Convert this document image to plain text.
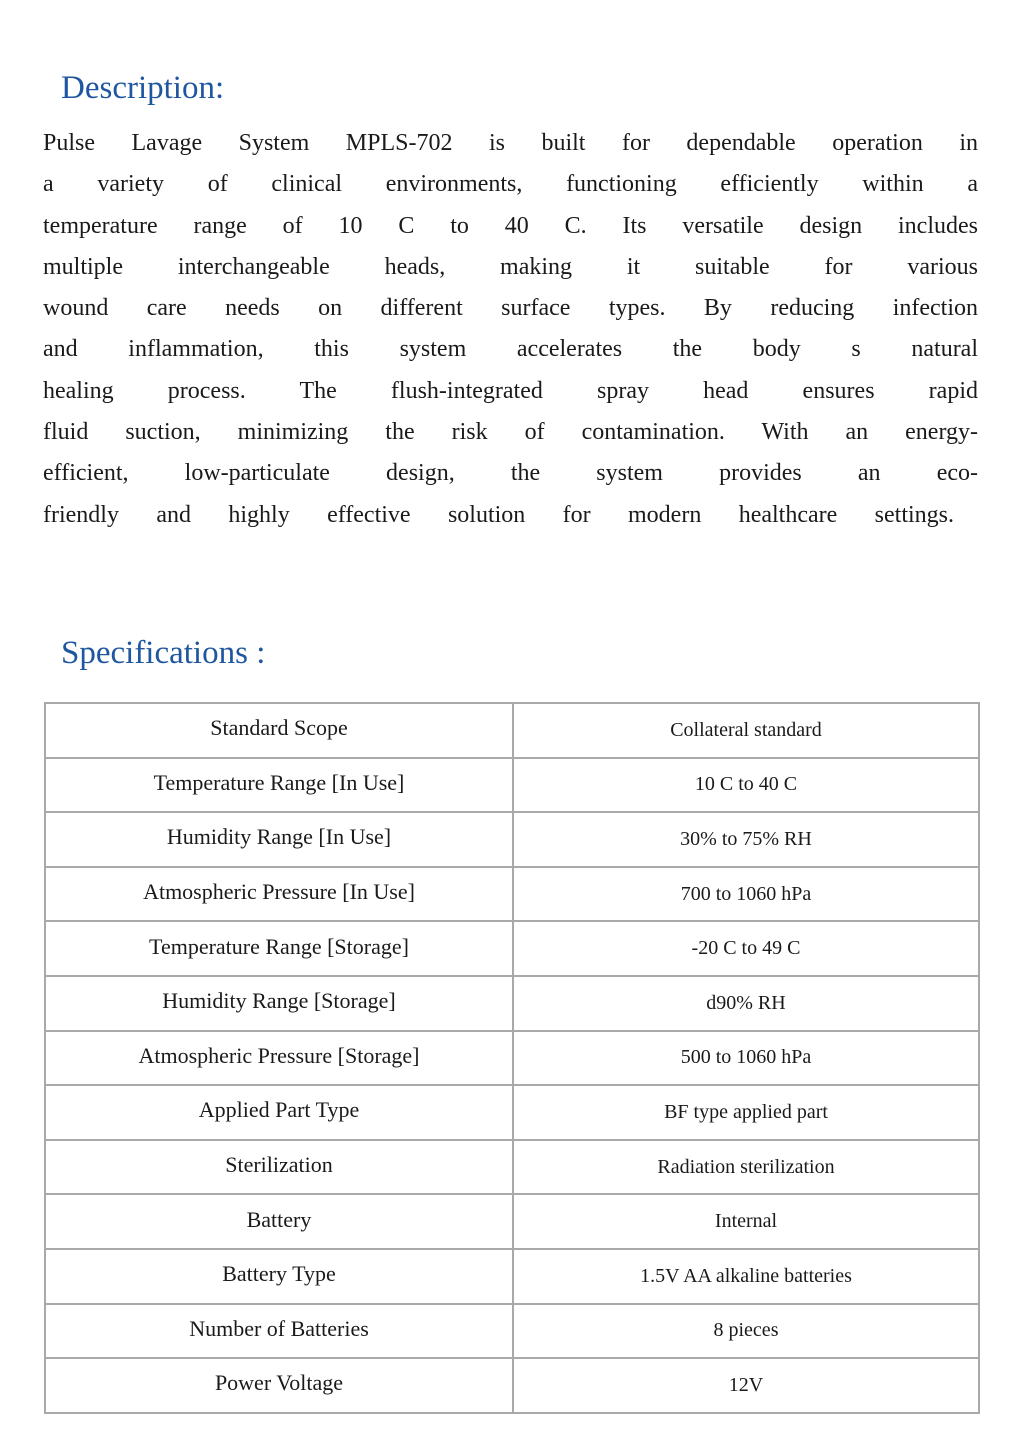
Description:
Pulse Lavage System MPLS-702 is built for dependable operation in
a variety of clinical environments, functioning efficiently within a
temperature range of 10 C to 40 C. Its versatile design includes
multiple interchangeable heads, making it suitable for various
wound care needs on different surface types. By reducing infection
and inflammation, this system accelerates the body s natural
healing process. The flush-integrated spray head ensures rapid
fluid suction, minimizing the risk of contamination. With an energy-
efficient, low-particulate design, the system provides an eco-
friendly and highly effective solution for modern healthcare settings.
Specifications :
Standard Scope	Collateral standard
Temperature Range [In Use]	10 C to 40 C
Humidity Range [In Use]	30% to 75% RH
Atmospheric Pressure [In Use]	700 to 1060 hPa
Temperature Range [Storage]	-20 C to 49 C
Humidity Range [Storage]	d90% RH
Atmospheric Pressure [Storage]	500 to 1060 hPa
Applied Part Type	BF type applied part
Sterilization	Radiation sterilization
Battery	Internal
Battery Type	1.5V AA alkaline batteries
Number of Batteries	8 pieces
Power Voltage	12V
